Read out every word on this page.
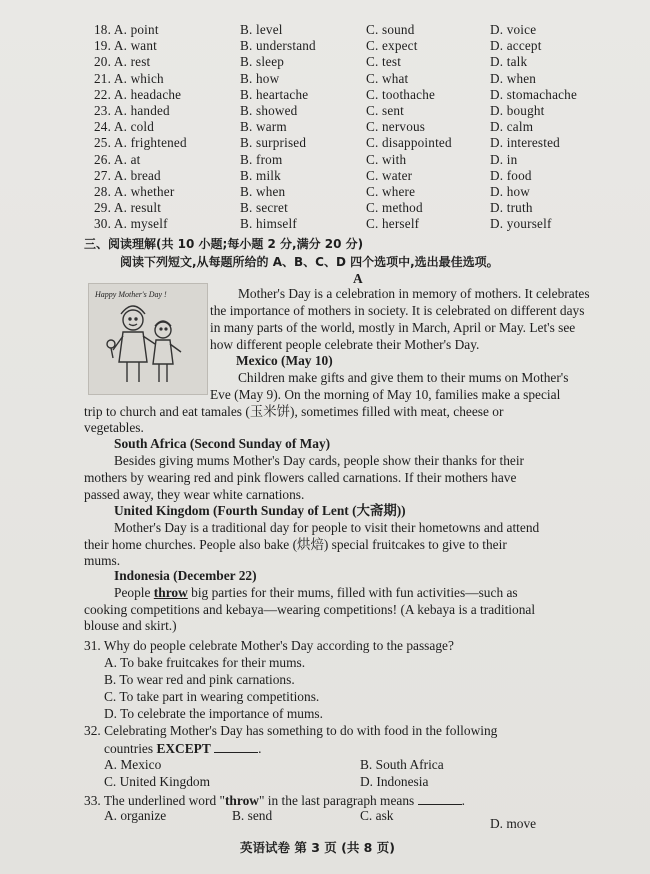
18. A. point	B. level	C. sound	D. voice
19. A. want	B. understand	C. expect	D. accept
20. A. rest	B. sleep	C. test	D. talk
21. A. which	B. how	C. what	D. when
22. A. headache	B. heartache	C. toothache	D. stomachache
23. A. handed	B. showed	C. sent	D. bought
24. A. cold	B. warm	C. nervous	D. calm
25. A. frightened	B. surprised	C. disappointed	D. interested
26. A. at	B. from	C. with	D. in
27. A. bread	B. milk	C. water	D. food
28. A. whether	B. when	C. where	D. how
29. A. result	B. secret	C. method	D. truth
30. A. myself	B. himself	C. herself	D. yourself
三、阅读理解(共 10 小题;每小题 2 分,满分 20 分)
阅读下列短文,从每题所给的 A、B、C、D 四个选项中,选出最佳选项。
A
Happy Mother's Day !	Mother's Day is a celebration in memory of mothers. It celebrates
the importance of mothers in society. It is celebrated on different days
in many parts of the world, mostly in March, April or May. Let's see
how different people celebrate their Mother's Day.
Mexico (May 10)
Children make gifts and give them to their mums on Mother's
Eve (May 9). On the morning of May 10, families make a special
trip to church and eat tamales (玉米饼), sometimes filled with meat, cheese or
vegetables.
South Africa (Second Sunday of May)
Besides giving mums Mother's Day cards, people show their thanks for their
mothers by wearing red and pink flowers called carnations. If their mothers have
passed away, they wear white carnations.
United Kingdom (Fourth Sunday of Lent (大斋期))
Mother's Day is a traditional day for people to visit their hometowns and attend
their home churches. People also bake (烘焙) special fruitcakes to give to their
mums.
Indonesia (December 22)
People throw big parties for their mums, filled with fun activities—such as
cooking competitions and kebaya—wearing competitions! (A kebaya is a traditional
blouse and skirt.)
31. Why do people celebrate Mother's Day according to the passage?
A. To bake fruitcakes for their mums.
B. To wear red and pink carnations.
C. To take part in wearing competitions.
D. To celebrate the importance of mums.
32. Celebrating Mother's Day has something to do with food in the following
countries EXCEPT	.
A. Mexico	B. South Africa
C. United Kingdom	D. Indonesia
33. The underlined word "throw" in the last paragraph means	.
A. organize	B. send	C. ask
D. move
英语试卷 第 3 页 (共 8 页)
